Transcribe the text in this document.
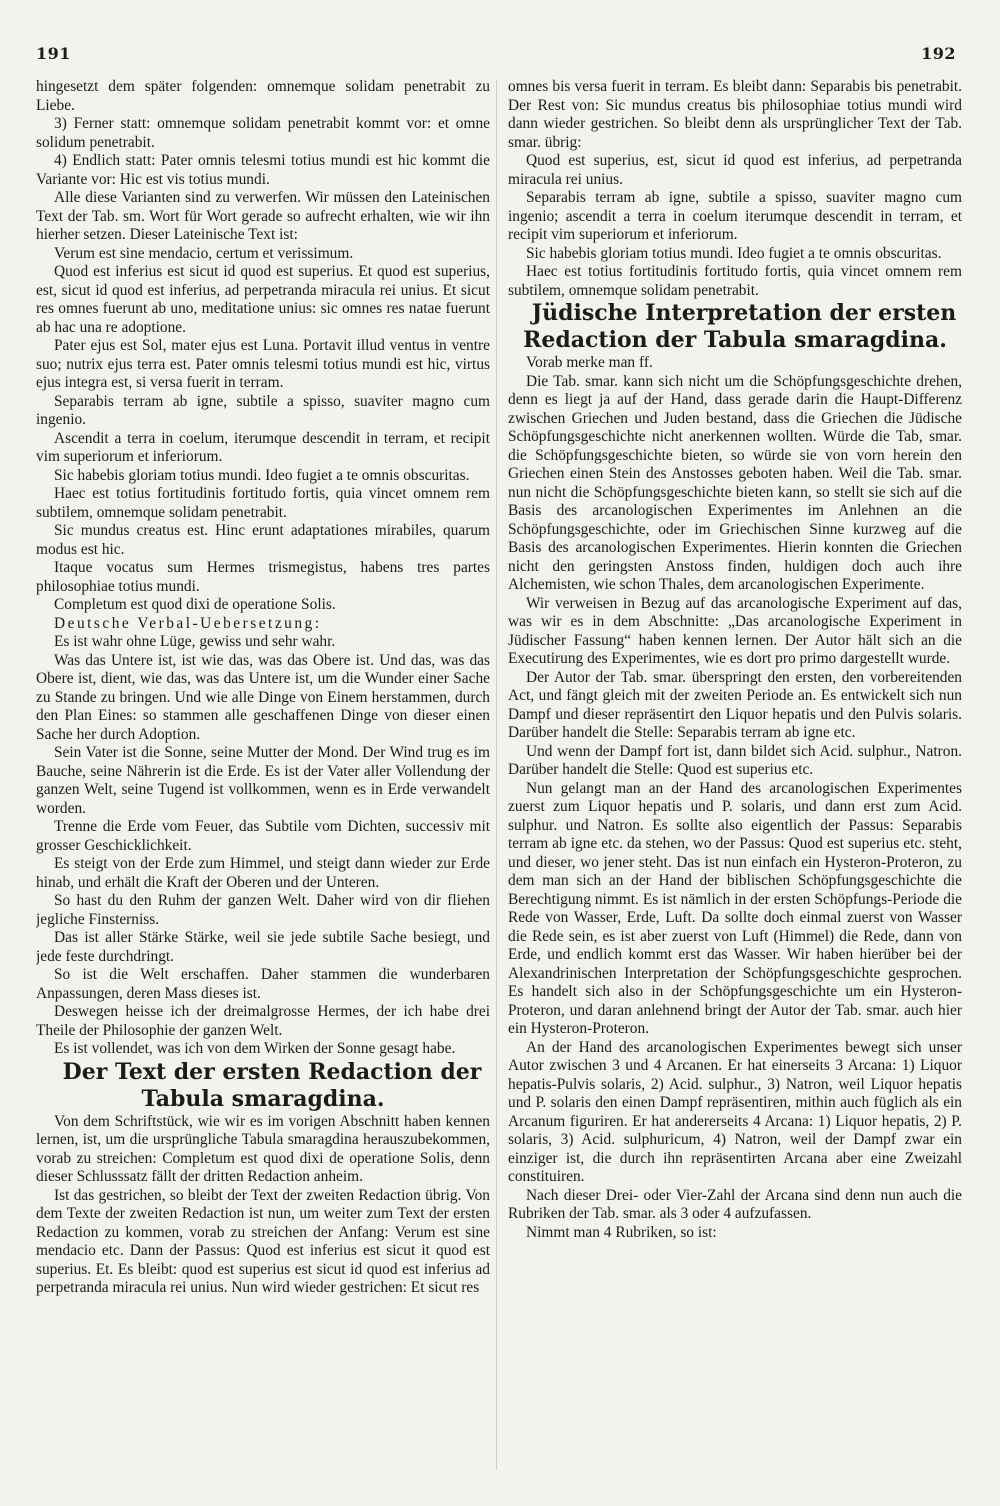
191	192

hingesetzt dem später folgenden: omnemque solidam penetrabit zu Liebe.

3) Ferner statt: omnemque solidam penetrabit kommt vor: et omne solidum penetrabit.

4) Endlich statt: Pater omnis telesmi totius mundi est hic kommt die Variante vor: Hic est vis totius mundi.

Alle diese Varianten sind zu verwerfen. Wir müssen den Lateinischen Text der Tab. sm. Wort für Wort gerade so aufrecht erhalten, wie wir ihn hierher setzen. Dieser Lateinische Text ist:

Verum est sine mendacio, certum et verissimum.

Quod est inferius est sicut id quod est superius. Et quod est superius, est, sicut id quod est inferius, ad perpetranda miracula rei unius. Et sicut res omnes fuerunt ab uno, meditatione unius: sic omnes res natae fuerunt ab hac una re adoptione.

Pater ejus est Sol, mater ejus est Luna. Portavit illud ventus in ventre suo; nutrix ejus terra est. Pater omnis telesmi totius mundi est hic, virtus ejus integra est, si versa fuerit in terram.

Separabis terram ab igne, subtile a spisso, suaviter magno cum ingenio.

Ascendit a terra in coelum, iterumque descendit in terram, et recipit vim superiorum et inferiorum.

Sic habebis gloriam totius mundi. Ideo fugiet a te omnis obscuritas.

Haec est totius fortitudinis fortitudo fortis, quia vincet omnem rem subtilem, omnemque solidam penetrabit.

Sic mundus creatus est. Hinc erunt adaptationes mirabiles, quarum modus est hic.

Itaque vocatus sum Hermes trismegistus, habens tres partes philosophiae totius mundi.

Completum est quod dixi de operatione Solis.

Deutsche Verbal-Uebersetzung:

Es ist wahr ohne Lüge, gewiss und sehr wahr.

Was das Untere ist, ist wie das, was das Obere ist. Und das, was das Obere ist, dient, wie das, was das Untere ist, um die Wunder einer Sache zu Stande zu bringen. Und wie alle Dinge von Einem herstammen, durch den Plan Eines: so stammen alle geschaffenen Dinge von dieser einen Sache her durch Adoption.

Sein Vater ist die Sonne, seine Mutter der Mond. Der Wind trug es im Bauche, seine Nährerin ist die Erde. Es ist der Vater aller Vollendung der ganzen Welt, seine Tugend ist vollkommen, wenn es in Erde verwandelt worden.

Trenne die Erde vom Feuer, das Subtile vom Dichten, successiv mit grosser Geschicklichkeit.

Es steigt von der Erde zum Himmel, und steigt dann wieder zur Erde hinab, und erhält die Kraft der Oberen und der Unteren.

So hast du den Ruhm der ganzen Welt. Daher wird von dir fliehen jegliche Finsterniss.

Das ist aller Stärke Stärke, weil sie jede subtile Sache besiegt, und jede feste durchdringt.

So ist die Welt erschaffen. Daher stammen die wunderbaren Anpassungen, deren Mass dieses ist.

Deswegen heisse ich der dreimalgrosse Hermes, der ich habe drei Theile der Philosophie der ganzen Welt.

Es ist vollendet, was ich von dem Wirken der Sonne gesagt habe.

Der Text der ersten Redaction der Tabula smaragdina.

Von dem Schriftstück, wie wir es im vorigen Abschnitt haben kennen lernen, ist, um die ursprüngliche Tabula smaragdina herauszubekommen, vorab zu streichen: Completum est quod dixi de operatione Solis, denn dieser Schlusssatz fällt der dritten Redaction anheim.

Ist das gestrichen, so bleibt der Text der zweiten Redaction übrig. Von dem Texte der zweiten Redaction ist nun, um weiter zum Text der ersten Redaction zu kommen, vorab zu streichen der Anfang: Verum est sine mendacio etc. Dann der Passus: Quod est inferius est sicut it quod est superius. Et. Es bleibt: quod est superius est sicut id quod est inferius ad perpetranda miracula rei unius. Nun wird wieder gestrichen: Et sicut res

omnes bis versa fuerit in terram. Es bleibt dann: Separabis bis penetrabit. Der Rest von: Sic mundus creatus bis philosophiae totius mundi wird dann wieder gestrichen. So bleibt denn als ursprünglicher Text der Tab. smar. übrig:

Quod est superius, est, sicut id quod est inferius, ad perpetranda miracula rei unius.

Separabis terram ab igne, subtile a spisso, suaviter magno cum ingenio; ascendit a terra in coelum iterumque descendit in terram, et recipit vim superiorum et inferiorum.

Sic habebis gloriam totius mundi. Ideo fugiet a te omnis obscuritas.

Haec est totius fortitudinis fortitudo fortis, quia vincet omnem rem subtilem, omnemque solidam penetrabit.

Jüdische Interpretation der ersten Redaction der Tabula smaragdina.

Vorab merke man ff.

Die Tab. smar. kann sich nicht um die Schöpfungsgeschichte drehen, denn es liegt ja auf der Hand, dass gerade darin die Haupt-Differenz zwischen Griechen und Juden bestand, dass die Griechen die Jüdische Schöpfungsgeschichte nicht anerkennen wollten. Würde die Tab, smar. die Schöpfungsgeschichte bieten, so würde sie von vorn herein den Griechen einen Stein des Anstosses geboten haben. Weil die Tab. smar. nun nicht die Schöpfungsgeschichte bieten kann, so stellt sie sich auf die Basis des arcanologischen Experimentes im Anlehnen an die Schöpfungsgeschichte, oder im Griechischen Sinne kurzweg auf die Basis des arcanologischen Experimentes. Hierin konnten die Griechen nicht den geringsten Anstoss finden, huldigen doch auch ihre Alchemisten, wie schon Thales, dem arcanologischen Experimente.

Wir verweisen in Bezug auf das arcanologische Experiment auf das, was wir es in dem Abschnitte: „Das arcanologische Experiment in Jüdischer Fassung“ haben kennen lernen. Der Autor hält sich an die Executirung des Experimentes, wie es dort pro primo dargestellt wurde.

Der Autor der Tab. smar. überspringt den ersten, den vorbereitenden Act, und fängt gleich mit der zweiten Periode an. Es entwickelt sich nun Dampf und dieser repräsentirt den Liquor hepatis und den Pulvis solaris. Darüber handelt die Stelle: Separabis terram ab igne etc.

Und wenn der Dampf fort ist, dann bildet sich Acid. sulphur., Natron. Darüber handelt die Stelle: Quod est superius etc.

Nun gelangt man an der Hand des arcanologischen Experimentes zuerst zum Liquor hepatis und P. solaris, und dann erst zum Acid. sulphur. und Natron. Es sollte also eigentlich der Passus: Separabis terram ab igne etc. da stehen, wo der Passus: Quod est superius etc. steht, und dieser, wo jener steht. Das ist nun einfach ein Hysteron-Proteron, zu dem man sich an der Hand der biblischen Schöpfungsgeschichte die Berechtigung nimmt. Es ist nämlich in der ersten Schöpfungs-Periode die Rede von Wasser, Erde, Luft. Da sollte doch einmal zuerst von Wasser die Rede sein, es ist aber zuerst von Luft (Himmel) die Rede, dann von Erde, und endlich kommt erst das Wasser. Wir haben hierüber bei der Alexandrinischen Interpretation der Schöpfungsgeschichte gesprochen. Es handelt sich also in der Schöpfungsgeschichte um ein Hysteron-Proteron, und daran anlehnend bringt der Autor der Tab. smar. auch hier ein Hysteron-Proteron.

An der Hand des arcanologischen Experimentes bewegt sich unser Autor zwischen 3 und 4 Arcanen. Er hat einerseits 3 Arcana: 1) Liquor hepatis-Pulvis solaris, 2) Acid. sulphur., 3) Natron, weil Liquor hepatis und P. solaris den einen Dampf repräsentiren, mithin auch füglich als ein Arcanum figuriren. Er hat andererseits 4 Arcana: 1) Liquor hepatis, 2) P. solaris, 3) Acid. sulphuricum, 4) Natron, weil der Dampf zwar ein einziger ist, die durch ihn repräsentirten Arcana aber eine Zweizahl constituiren.

Nach dieser Drei- oder Vier-Zahl der Arcana sind denn nun auch die Rubriken der Tab. smar. als 3 oder 4 aufzufassen.

Nimmt man 4 Rubriken, so ist:
